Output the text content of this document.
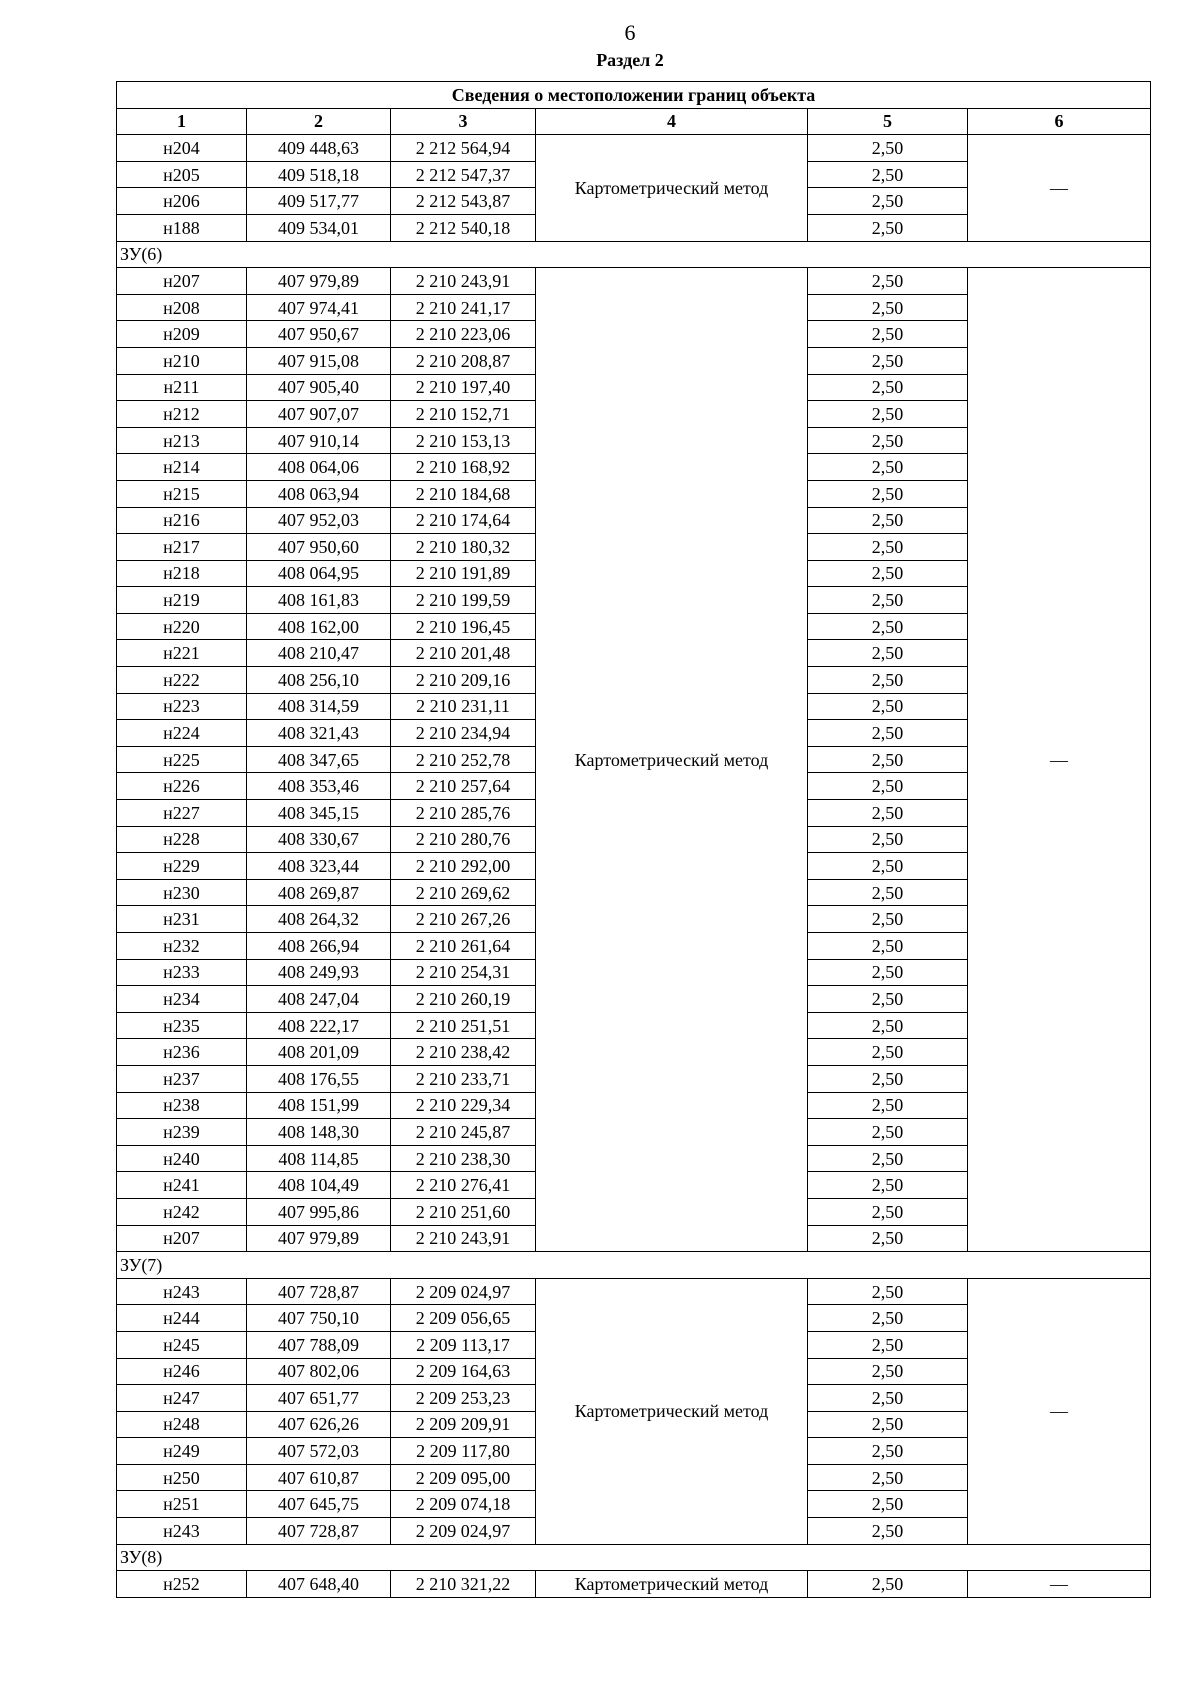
6
Раздел 2
Сведения о местоположении границ объекта					
1	2	3	4	5	6
н204	409 448,63	2 212 564,94	Картометрический метод	2,50	—
н205	409 518,18	2 212 547,37		2,50	
н206	409 517,77	2 212 543,87		2,50	
н188	409 534,01	2 212 540,18		2,50	
ЗУ(6)					
н207	407 979,89	2 210 243,91	Картометрический метод	2,50	—
н208	407 974,41	2 210 241,17		2,50	
н209	407 950,67	2 210 223,06		2,50	
н210	407 915,08	2 210 208,87		2,50	
н211	407 905,40	2 210 197,40		2,50	
н212	407 907,07	2 210 152,71		2,50	
н213	407 910,14	2 210 153,13		2,50	
н214	408 064,06	2 210 168,92		2,50	
н215	408 063,94	2 210 184,68		2,50	
н216	407 952,03	2 210 174,64		2,50	
н217	407 950,60	2 210 180,32		2,50	
н218	408 064,95	2 210 191,89		2,50	
н219	408 161,83	2 210 199,59		2,50	
н220	408 162,00	2 210 196,45		2,50	
н221	408 210,47	2 210 201,48		2,50	
н222	408 256,10	2 210 209,16		2,50	
н223	408 314,59	2 210 231,11		2,50	
н224	408 321,43	2 210 234,94		2,50	
н225	408 347,65	2 210 252,78		2,50	
н226	408 353,46	2 210 257,64		2,50	
н227	408 345,15	2 210 285,76		2,50	
н228	408 330,67	2 210 280,76		2,50	
н229	408 323,44	2 210 292,00		2,50	
н230	408 269,87	2 210 269,62		2,50	
н231	408 264,32	2 210 267,26		2,50	
н232	408 266,94	2 210 261,64		2,50	
н233	408 249,93	2 210 254,31		2,50	
н234	408 247,04	2 210 260,19		2,50	
н235	408 222,17	2 210 251,51		2,50	
н236	408 201,09	2 210 238,42		2,50	
н237	408 176,55	2 210 233,71		2,50	
н238	408 151,99	2 210 229,34		2,50	
н239	408 148,30	2 210 245,87		2,50	
н240	408 114,85	2 210 238,30		2,50	
н241	408 104,49	2 210 276,41		2,50	
н242	407 995,86	2 210 251,60		2,50	
н207	407 979,89	2 210 243,91		2,50	
ЗУ(7)					
н243	407 728,87	2 209 024,97	Картометрический метод	2,50	—
н244	407 750,10	2 209 056,65		2,50	
н245	407 788,09	2 209 113,17		2,50	
н246	407 802,06	2 209 164,63		2,50	
н247	407 651,77	2 209 253,23		2,50	
н248	407 626,26	2 209 209,91		2,50	
н249	407 572,03	2 209 117,80		2,50	
н250	407 610,87	2 209 095,00		2,50	
н251	407 645,75	2 209 074,18		2,50	
н243	407 728,87	2 209 024,97		2,50	
ЗУ(8)					
н252	407 648,40	2 210 321,22	Картометрический метод	2,50	—
